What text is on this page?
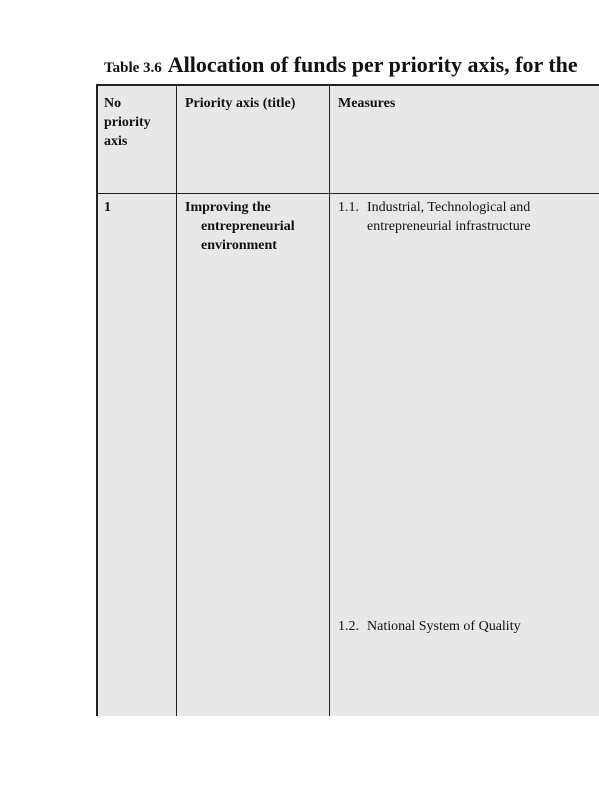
Table 3.6 Allocation of funds per priority axis, for the
No priority axis
Priority axis (title)	Measures
1	Improving the entrepreneurial environment
1.1. Industrial, Technological and entrepreneurial infrastructure
1.2. National System of Quality
